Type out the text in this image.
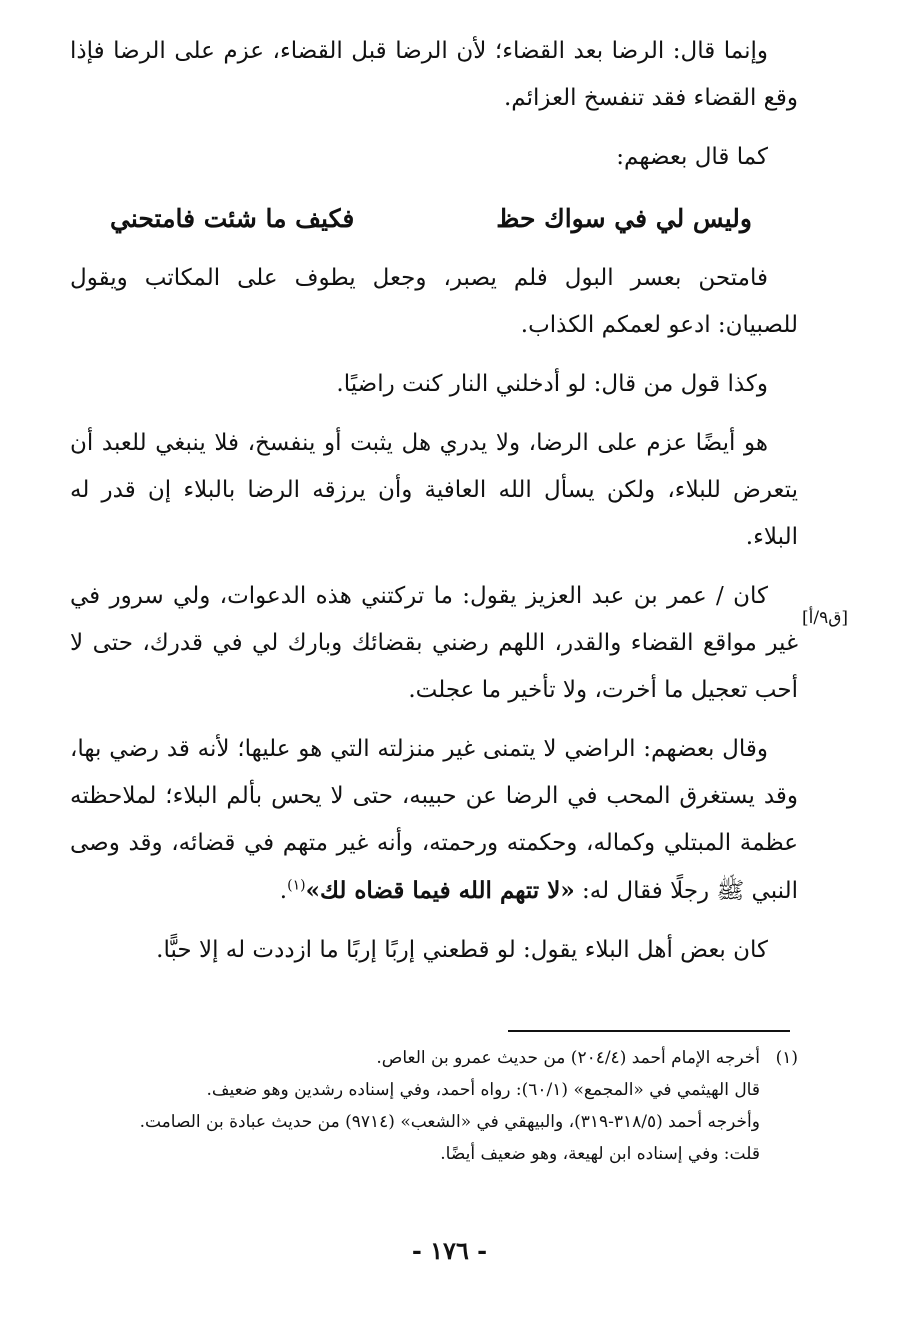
وإنما قال: الرضا بعد القضاء؛ لأن الرضا قبل القضاء، عزم على الرضا فإذا وقع القضاء فقد تنفسخ العزائم.

كما قال بعضهم:

وليس لي في سواك حظ
فكيف ما شئت فامتحني

فامتحن بعسر البول فلم يصبر، وجعل يطوف على المكاتب ويقول للصبيان: ادعو لعمكم الكذاب.

وكذا قول من قال: لو أدخلني النار كنت راضيًا.

هو أيضًا عزم على الرضا، ولا يدري هل يثبت أو ينفسخ، فلا ينبغي للعبد أن يتعرض للبلاء، ولكن يسأل الله العافية وأن يرزقه الرضا بالبلاء إن قدر له البلاء.

كان / عمر بن عبد العزيز يقول: ما تركتني هذه الدعوات، ولي سرور في غير مواقع القضاء والقدر، اللهم رضني بقضائك وبارك لي في قدرك، حتى لا أحب تعجيل ما أخرت، ولا تأخير ما عجلت.

وقال بعضهم: الراضي لا يتمنى غير منزلته التي هو عليها؛ لأنه قد رضي بها، وقد يستغرق المحب في الرضا عن حبيبه، حتى لا يحس بألم البلاء؛ لملاحظته عظمة المبتلي وكماله، وحكمته ورحمته، وأنه غير متهم في قضائه، وقد وصى النبي ﷺ رجلًا فقال له: «لا تتهم الله فيما قضاه لك»$^{(١)}$.

كان بعض أهل البلاء يقول: لو قطعني إربًا إربًا ما ازددت له إلا حبًّا.

[ق٩/أ]

(١)أخرجه الإمام أحمد (٢٠٤/٤) من حديث عمرو بن العاص.

قال الهيثمي في «المجمع» (٦٠/١): رواه أحمد، وفي إسناده رشدين وهو ضعيف.

وأخرجه أحمد (٣١٨/٥-٣١٩)، والبيهقي في «الشعب» (٩٧١٤) من حديث عبادة بن الصامت.

قلت: وفي إسناده ابن لهيعة، وهو ضعيف أيضًا.

- ١٧٦ -
